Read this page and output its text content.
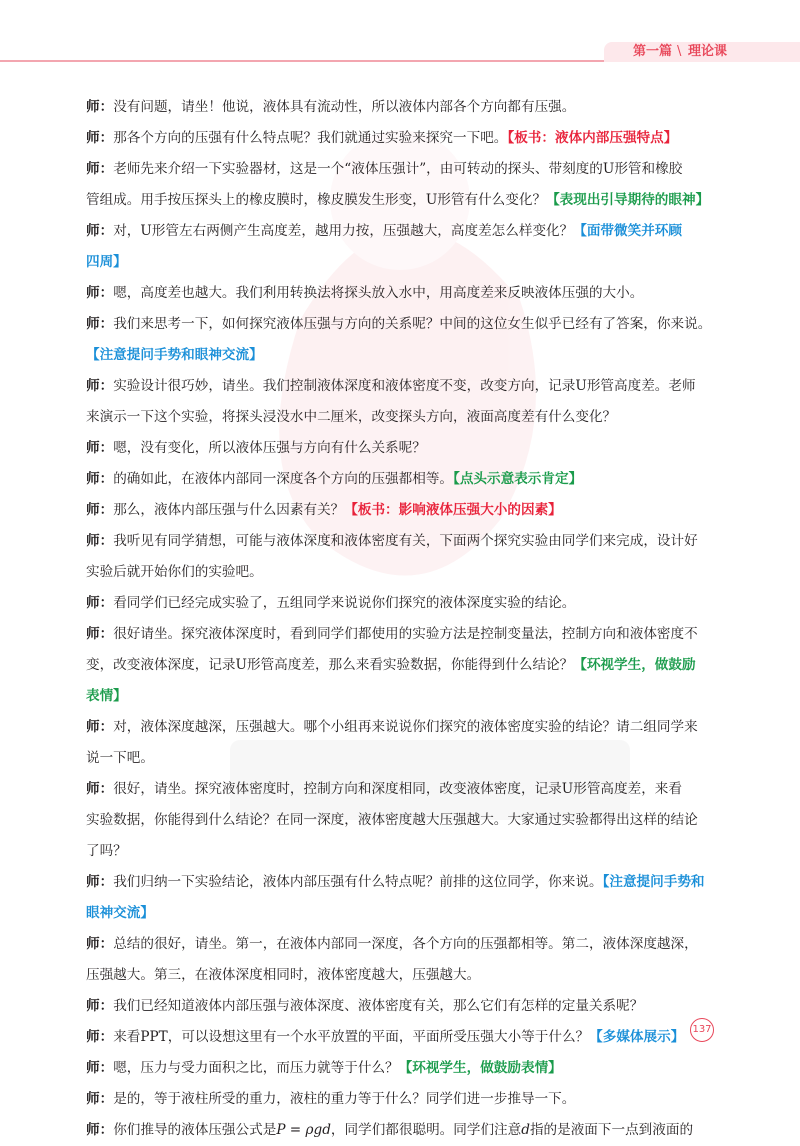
第一篇 \ 理论课
师：没有问题，请坐！他说，液体具有流动性，所以液体内部各个方向都有压强。
师：那各个方向的压强有什么特点呢？我们就通过实验来探究一下吧。【板书：液体内部压强特点】
师：老师先来介绍一下实验器材，这是一个“液体压强计”，由可转动的探头、带刻度的U形管和橡胶
管组成。用手按压探头上的橡皮膜时，橡皮膜发生形变，U形管有什么变化？【表现出引导期待的眼神】
师：对，U形管左右两侧产生高度差，越用力按，压强越大，高度差怎么样变化？【面带微笑并环顾
四周】
师：嗯，高度差也越大。我们利用转换法将探头放入水中，用高度差来反映液体压强的大小。
师：我们来思考一下，如何探究液体压强与方向的关系呢？中间的这位女生似乎已经有了答案，你来说。
【注意提问手势和眼神交流】
师：实验设计很巧妙，请坐。我们控制液体深度和液体密度不变，改变方向，记录U形管高度差。老师
来演示一下这个实验，将探头浸没水中二厘米，改变探头方向，液面高度差有什么变化？
师：嗯，没有变化，所以液体压强与方向有什么关系呢？
师：的确如此，在液体内部同一深度各个方向的压强都相等。【点头示意表示肯定】
师：那么，液体内部压强与什么因素有关？【板书：影响液体压强大小的因素】
师：我听见有同学猜想，可能与液体深度和液体密度有关，下面两个探究实验由同学们来完成，设计好
实验后就开始你们的实验吧。
师：看同学们已经完成实验了，五组同学来说说你们探究的液体深度实验的结论。
师：很好请坐。探究液体深度时，看到同学们都使用的实验方法是控制变量法，控制方向和液体密度不
变，改变液体深度，记录U形管高度差，那么来看实验数据，你能得到什么结论？【环视学生，做鼓励
表情】
师：对，液体深度越深，压强越大。哪个小组再来说说你们探究的液体密度实验的结论？请二组同学来
说一下吧。
师：很好，请坐。探究液体密度时，控制方向和深度相同，改变液体密度，记录U形管高度差，来看
实验数据，你能得到什么结论？在同一深度，液体密度越大压强越大。大家通过实验都得出这样的结论
了吗？
师：我们归纳一下实验结论，液体内部压强有什么特点呢？前排的这位同学，你来说。【注意提问手势和
眼神交流】
师：总结的很好，请坐。第一，在液体内部同一深度，各个方向的压强都相等。第二，液体深度越深，
压强越大。第三，在液体深度相同时，液体密度越大，压强越大。
师：我们已经知道液体内部压强与液体深度、液体密度有关，那么它们有怎样的定量关系呢？
师：来看PPT，可以设想这里有一个水平放置的平面，平面所受压强大小等于什么？【多媒体展示】
师：嗯，压力与受力面积之比，而压力就等于什么？【环视学生，做鼓励表情】
师：是的，等于液柱所受的重力，液柱的重力等于什么？同学们进一步推导一下。
师：你们推导的液体压强公式是P = ρgd，同学们都很聪明。同学们注意d指的是液面下一点到液面的
137
